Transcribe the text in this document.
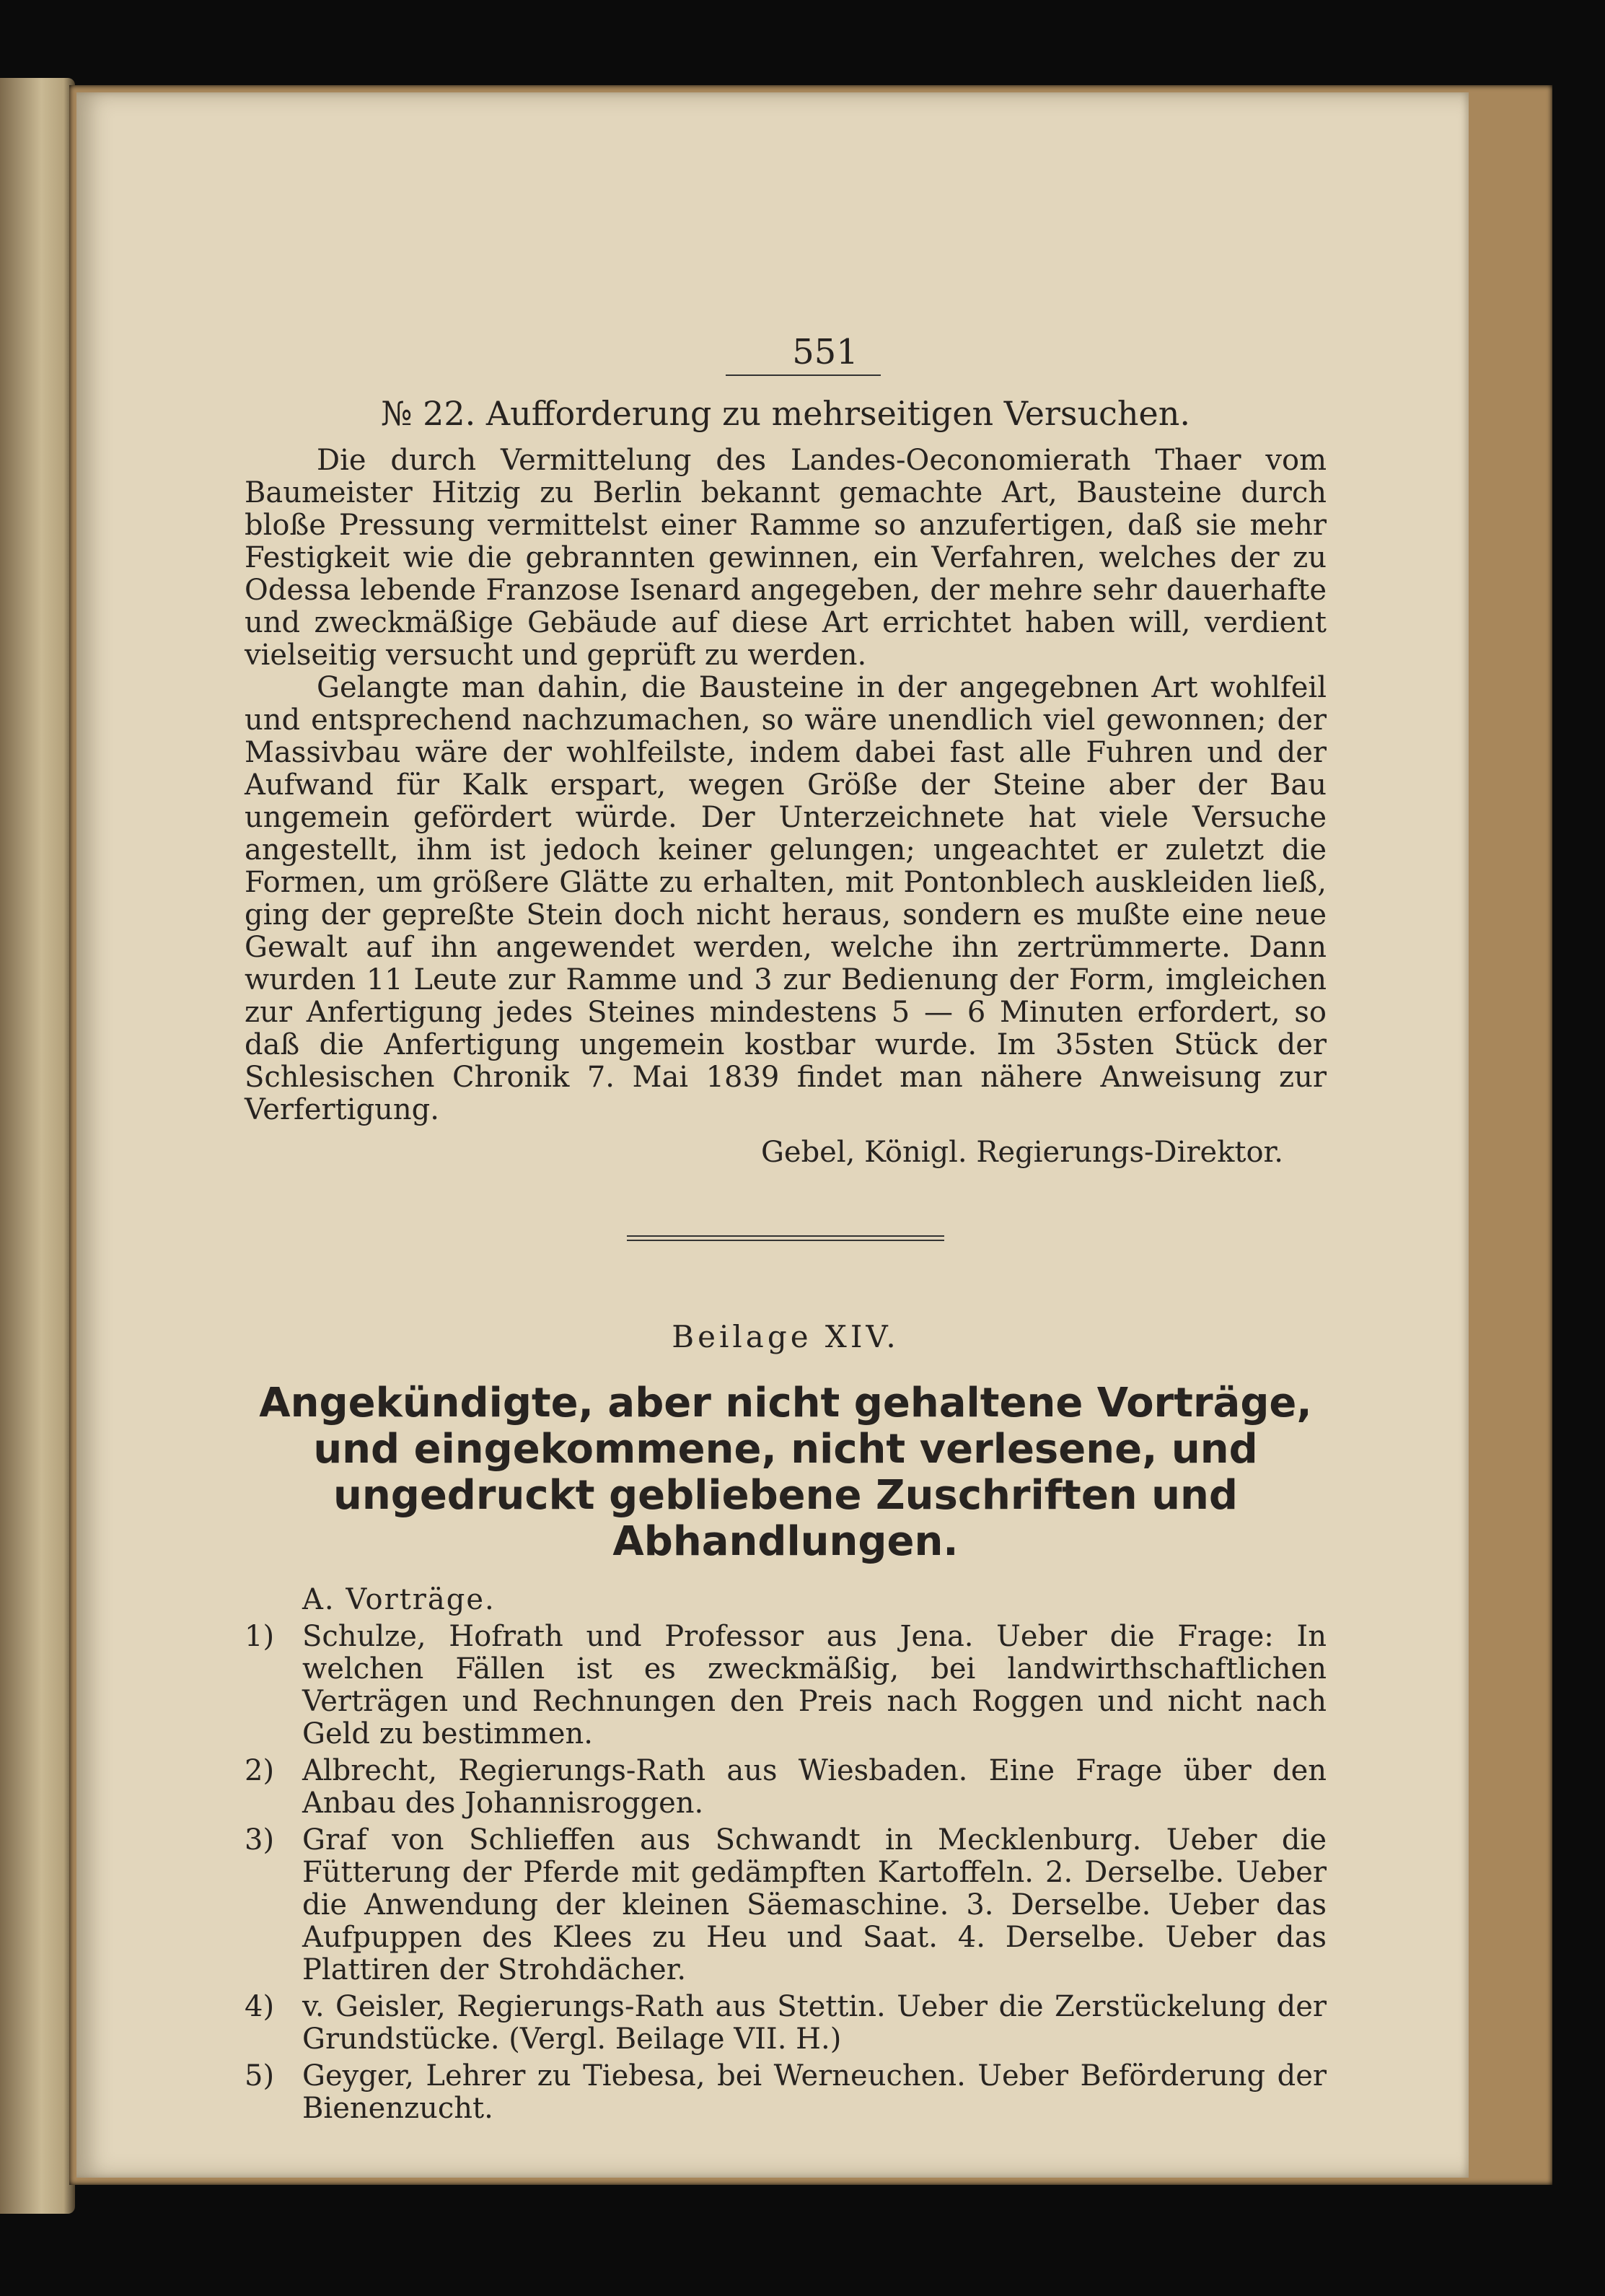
551
№ 22. Aufforderung zu mehrseitigen Versuchen.

Die durch Vermittelung des Landes-Oeconomierath Thaer vom Baumeister Hitzig zu Berlin bekannt gemachte Art, Bausteine durch bloße Pressung vermittelst einer Ramme so anzufertigen, daß sie mehr Festigkeit wie die gebrannten gewinnen, ein Verfahren, welches der zu Odessa lebende Franzose Isenard angegeben, der mehre sehr dauerhafte und zweckmäßige Gebäude auf diese Art errichtet haben will, verdient vielseitig versucht und geprüft zu werden.

Gelangte man dahin, die Bausteine in der angegebnen Art wohlfeil und entsprechend nachzumachen, so wäre unendlich viel gewonnen; der Massivbau wäre der wohlfeilste, indem dabei fast alle Fuhren und der Aufwand für Kalk erspart, wegen Größe der Steine aber der Bau ungemein gefördert würde. Der Unterzeichnete hat viele Versuche angestellt, ihm ist jedoch keiner gelungen; ungeachtet er zuletzt die Formen, um größere Glätte zu erhalten, mit Pontonblech auskleiden ließ, ging der gepreßte Stein doch nicht heraus, sondern es mußte eine neue Gewalt auf ihn angewendet werden, welche ihn zertrümmerte. Dann wurden 11 Leute zur Ramme und 3 zur Bedienung der Form, imgleichen zur Anfertigung jedes Steines mindestens 5 — 6 Minuten erfordert, so daß die Anfertigung ungemein kostbar wurde. Im 35sten Stück der Schlesischen Chronik 7. Mai 1839 findet man nähere Anweisung zur Verfertigung.

Gebel, Königl. Regierungs-Direktor.
Beilage XIV.
Angekündigte, aber nicht gehaltene Vorträge, und eingekommene, nicht verlesene, und ungedruckt gebliebene Zuschriften und Abhandlungen.
A. Vorträge.
1) Schulze, Hofrath und Professor aus Jena. Ueber die Frage: In welchen Fällen ist es zweckmäßig, bei landwirthschaftlichen Verträgen und Rechnungen den Preis nach Roggen und nicht nach Geld zu bestimmen.
2) Albrecht, Regierungs-Rath aus Wiesbaden. Eine Frage über den Anbau des Johannisroggen.
3) Graf von Schlieffen aus Schwandt in Mecklenburg. Ueber die Fütterung der Pferde mit gedämpften Kartoffeln. 2. Derselbe. Ueber die Anwendung der kleinen Säemaschine. 3. Derselbe. Ueber das Aufpuppen des Klees zu Heu und Saat. 4. Derselbe. Ueber das Plattiren der Strohdächer.
4) v. Geisler, Regierungs-Rath aus Stettin. Ueber die Zerstückelung der Grundstücke. (Vergl. Beilage VII. H.)
5) Geyger, Lehrer zu Tiebesa, bei Werneuchen. Ueber Beförderung der Bienenzucht.
